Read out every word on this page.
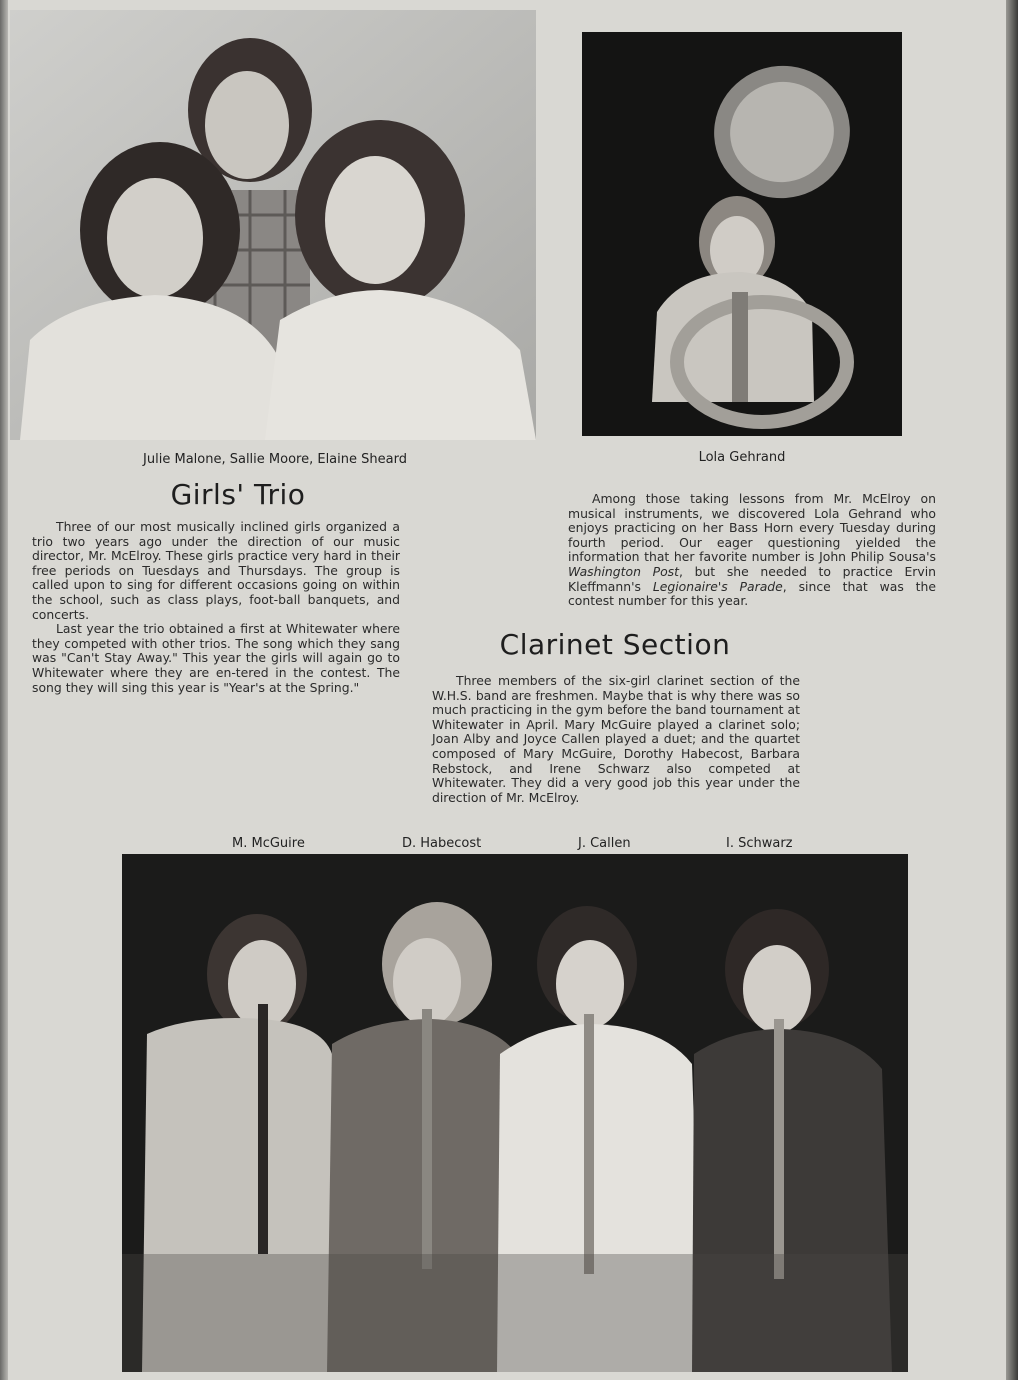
Julie Malone, Sallie Moore, Elaine Sheard	Lola Gehrand
Girls' Trio

Three of our most musically inclined girls organized a trio two years ago under the direction of our music director, Mr. McElroy. These girls practice very hard in their free periods on Tuesdays and Thursdays. The group is called upon to sing for different occasions going on within the school, such as class plays, foot-ball banquets, and concerts.

Last year the trio obtained a first at Whitewater where they competed with other trios. The song which they sang was "Can't Stay Away." This year the girls will again go to Whitewater where they are en-tered in the contest. The song they will sing this year is "Year's at the Spring."

Among those taking lessons from Mr. McElroy on musical instruments, we discovered Lola Gehrand who enjoys practicing on her Bass Horn every Tuesday during fourth period. Our eager questioning yielded the information that her favorite number is John Philip Sousa's Washington Post, but she needed to practice Ervin Kleffmann's Legionaire's Parade, since that was the contest number for this year.

Clarinet Section

Three members of the six-girl clarinet section of the W.H.S. band are freshmen. Maybe that is why there was so much practicing in the gym before the band tournament at Whitewater in April. Mary McGuire played a clarinet solo; Joan Alby and Joyce Callen played a duet; and the quartet composed of Mary McGuire, Dorothy Habecost, Barbara Rebstock, and Irene Schwarz also competed at Whitewater. They did a very good job this year under the direction of Mr. McElroy.

M. McGuire	D. Habecost	J. Callen	I. Schwarz
